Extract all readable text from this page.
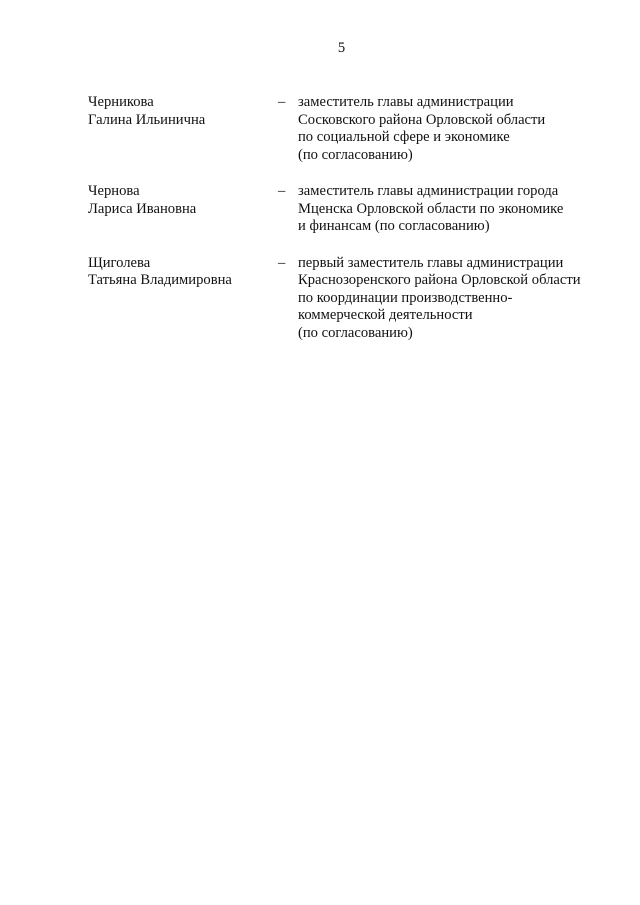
5
Черникова
Галина Ильинична
– заместитель главы администрации
Сосковского района Орловской области
по социальной сфере и экономике
(по согласованию)
Чернова
Лариса Ивановна
– заместитель главы администрации города
Мценска Орловской области по экономике
и финансам (по согласованию)
Щиголева
Татьяна Владимировна
– первый заместитель главы администрации
Краснозоренского района Орловской области
по координации производственно-
коммерческой деятельности
(по согласованию)
